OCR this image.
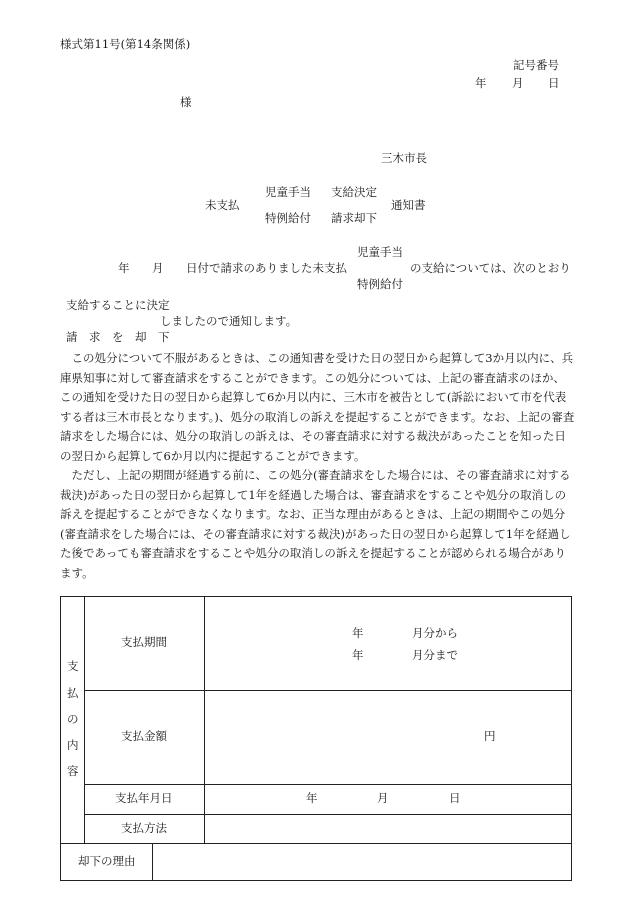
様式第11号(第14条関係)
記号番号
年 月 日
様
三木市長
児童手当 支給決定
未支払
特例給付 請求却下
通知書
児童手当
年 月 日付で請求のありました未支払	の支給については、次のとおり
特例給付
支給することに決定
しましたので通知します。
請　求　を　却　下

この処分について不服があるときは、この通知書を受けた日の翌日から起算して3か月以内に、兵庫県知事に対して審査請求をすることができます。この処分については、上記の審査請求のほか、この通知を受けた日の翌日から起算して6か月以内に、三木市を被告として(訴訟において市を代表する者は三木市長となります。)、処分の取消しの訴えを提起することができます。なお、上記の審査請求をした場合には、処分の取消しの訴えは、その審査請求に対する裁決があったことを知った日の翌日から起算して6か月以内に提起することができます。

ただし、上記の期間が経過する前に、この処分(審査請求をした場合には、その審査請求に対する裁決)があった日の翌日から起算して1年を経過した場合は、審査請求をすることや処分の取消しの訴えを提起することができなくなります。なお、正当な理由があるときは、上記の期間やこの処分(審査請求をした場合には、その審査請求に対する裁決)があった日の翌日から起算して1年を経過した後であっても審査請求をすることや処分の取消しの訴えを提起することが認められる場合があります。

支
払
の
内
容
支払期間
年	月分から
年	月分まで
支払金額	円
支払年月日	年	月	日
支払方法
却下の理由
